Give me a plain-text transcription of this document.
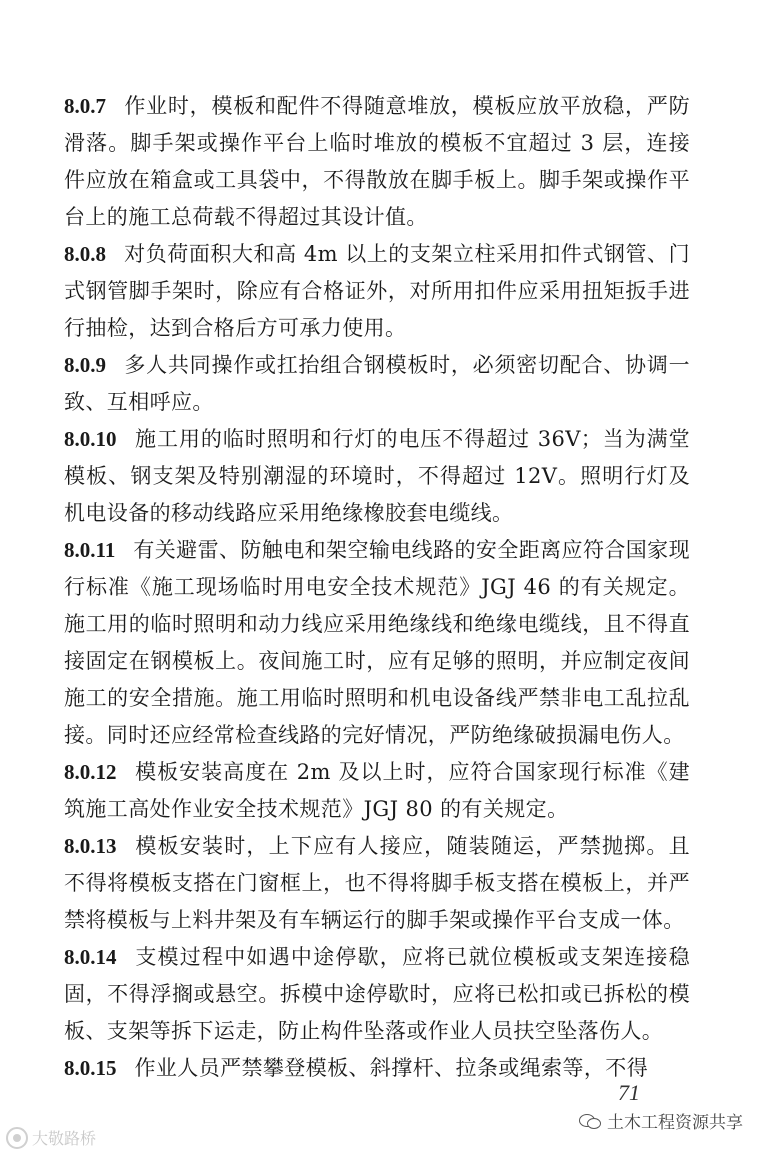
8.0.7 作业时，模板和配件不得随意堆放，模板应放平放稳，严防滑落。脚手架或操作平台上临时堆放的模板不宜超过 3 层，连接件应放在箱盒或工具袋中，不得散放在脚手板上。脚手架或操作平台上的施工总荷载不得超过其设计值。

8.0.8 对负荷面积大和高 4m 以上的支架立柱采用扣件式钢管、门式钢管脚手架时，除应有合格证外，对所用扣件应采用扭矩扳手进行抽检，达到合格后方可承力使用。

8.0.9 多人共同操作或扛抬组合钢模板时，必须密切配合、协调一致、互相呼应。

8.0.10 施工用的临时照明和行灯的电压不得超过 36V；当为满堂模板、钢支架及特别潮湿的环境时，不得超过 12V。照明行灯及机电设备的移动线路应采用绝缘橡胶套电缆线。

8.0.11 有关避雷、防触电和架空输电线路的安全距离应符合国家现行标准《施工现场临时用电安全技术规范》JGJ 46 的有关规定。施工用的临时照明和动力线应采用绝缘线和绝缘电缆线，且不得直接固定在钢模板上。夜间施工时，应有足够的照明，并应制定夜间施工的安全措施。施工用临时照明和机电设备线严禁非电工乱拉乱接。同时还应经常检查线路的完好情况，严防绝缘破损漏电伤人。

8.0.12 模板安装高度在 2m 及以上时，应符合国家现行标准《建筑施工高处作业安全技术规范》JGJ 80 的有关规定。

8.0.13 模板安装时，上下应有人接应，随装随运，严禁抛掷。且不得将模板支搭在门窗框上，也不得将脚手板支搭在模板上，并严禁将模板与上料井架及有车辆运行的脚手架或操作平台支成一体。

8.0.14 支模过程中如遇中途停歇，应将已就位模板或支架连接稳固，不得浮搁或悬空。拆模中途停歇时，应将已松扣或已拆松的模板、支架等拆下运走，防止构件坠落或作业人员扶空坠落伤人。

8.0.15 作业人员严禁攀登模板、斜撑杆、拉条或绳索等，不得

71
土木工程资源共享
大敬路桥
